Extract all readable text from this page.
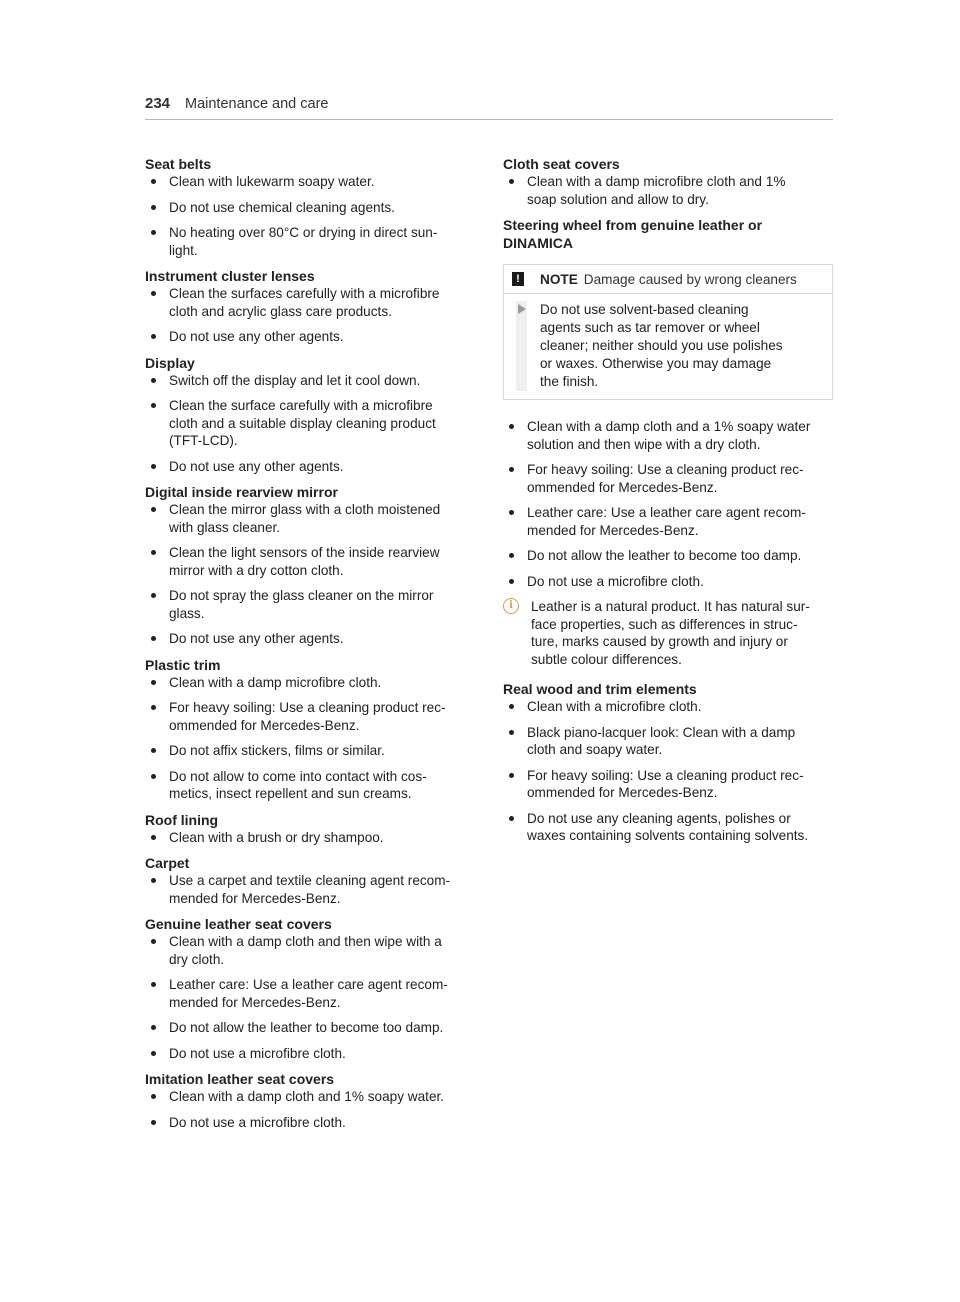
234 Maintenance and care
Seat belts
Clean with lukewarm soapy water.
Do not use chemical cleaning agents.
No heating over 80°C or drying in direct sun-
light.
Instrument cluster lenses
Clean the surfaces carefully with a microfibre
cloth and acrylic glass care products.
Do not use any other agents.
Display
Switch off the display and let it cool down.
Clean the surface carefully with a microfibre
cloth and a suitable display cleaning product
(TFT-LCD).
Do not use any other agents.
Digital inside rearview mirror
Clean the mirror glass with a cloth moistened
with glass cleaner.
Clean the light sensors of the inside rearview
mirror with a dry cotton cloth.
Do not spray the glass cleaner on the mirror
glass.
Do not use any other agents.
Plastic trim
Clean with a damp microfibre cloth.
For heavy soiling: Use a cleaning product rec-
ommended for Mercedes-Benz.
Do not affix stickers, films or similar.
Do not allow to come into contact with cos-
metics, insect repellent and sun creams.
Roof lining
Clean with a brush or dry shampoo.
Carpet
Use a carpet and textile cleaning agent recom-
mended for Mercedes-Benz.
Genuine leather seat covers
Clean with a damp cloth and then wipe with a
dry cloth.
Leather care: Use a leather care agent recom-
mended for Mercedes-Benz.
Do not allow the leather to become too damp.
Do not use a microfibre cloth.
Imitation leather seat covers
Clean with a damp cloth and 1% soapy water.
Do not use a microfibre cloth.
Cloth seat covers
Clean with a damp microfibre cloth and 1%
soap solution and allow to dry.
Steering wheel from genuine leather or DINAMICA
!	NOTE Damage caused by wrong cleaners
Do not use solvent-based cleaning
agents such as tar remover or wheel
cleaner; neither should you use polishes
or waxes. Otherwise you may damage
the finish.
Clean with a damp cloth and a 1% soapy water
solution and then wipe with a dry cloth.
For heavy soiling: Use a cleaning product rec-
ommended for Mercedes-Benz.
Leather care: Use a leather care agent recom-
mended for Mercedes-Benz.
Do not allow the leather to become too damp.
Do not use a microfibre cloth.
i	Leather is a natural product. It has natural sur-
face properties, such as differences in struc-
ture, marks caused by growth and injury or
subtle colour differences.
Real wood and trim elements
Clean with a microfibre cloth.
Black piano-lacquer look: Clean with a damp
cloth and soapy water.
For heavy soiling: Use a cleaning product rec-
ommended for Mercedes-Benz.
Do not use any cleaning agents, polishes or
waxes containing solvents containing solvents.
